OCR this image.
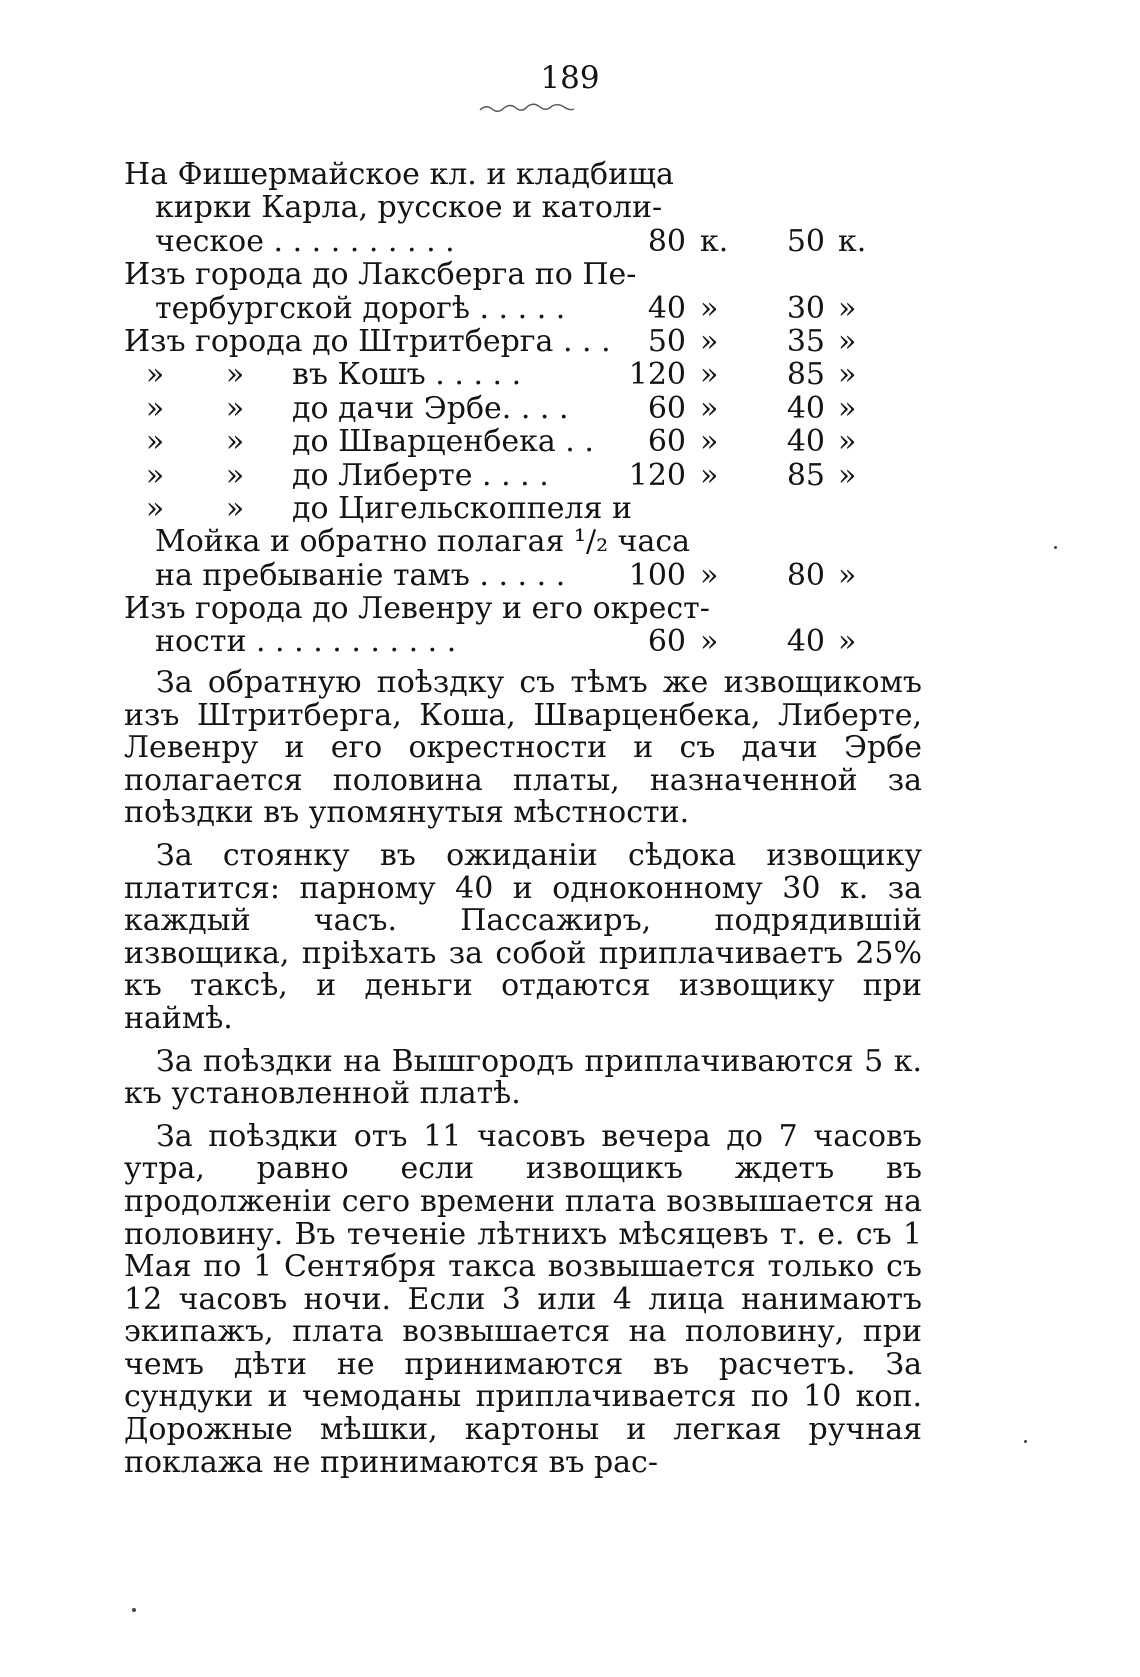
189
На Фишермайское кл. и кладбища
кирки Карла, русское и католи-
ческое . . . . . . . . . .	80 к.	50 к.
Изъ города до Лаксберга по Пе-
тербургской дорогѣ . . . . .	40 »	30 »
Изъ города до Штритберга . . .	50 »	35 »
» » въ Кошъ . . . . .	120 »	85 »
» » до дачи Эрбе. . . .	60 »	40 »
» » до Шварценбека . .	60 »	40 »
» » до Либерте . . . .	120 »	85 »
» » до Цигельскоппеля и
Мойка и обратно полагая ¹/₂ часа
на пребываніе тамъ . . . . .	100 »	80 »
Изъ города до Левенру и его окрест-
ности . . . . . . . . . . .	60 »	40 »

За обратную поѣздку съ тѣмъ же извощикомъ изъ Штритберга, Коша, Шварценбека, Либерте, Левенру и его окрестности и съ дачи Эрбе полагается половина платы, назначенной за поѣздки въ упомянутыя мѣстности.

За стоянку въ ожиданіи сѣдока извощику платится: парному 40 и одноконному 30 к. за каждый часъ. Пассажиръ, подрядившій извощика, пріѣхать за собой приплачиваетъ 25% къ таксѣ, и деньги отдаются извощику при наймѣ.

За поѣздки на Вышгородъ приплачиваются 5 к. къ установленной платѣ.

За поѣздки отъ 11 часовъ вечера до 7 часовъ утра, равно если извощикъ ждетъ въ продолженіи сего времени плата возвышается на половину. Въ теченіе лѣтнихъ мѣсяцевъ т. е. съ 1 Мая по 1 Сентября такса возвышается только съ 12 часовъ ночи. Если 3 или 4 лица нанимаютъ экипажъ, плата возвышается на половину, при чемъ дѣти не принимаются въ расчетъ. За сундуки и чемоданы приплачивается по 10 коп. Дорожные мѣшки, картоны и легкая ручная поклажа не принимаются въ рас-
